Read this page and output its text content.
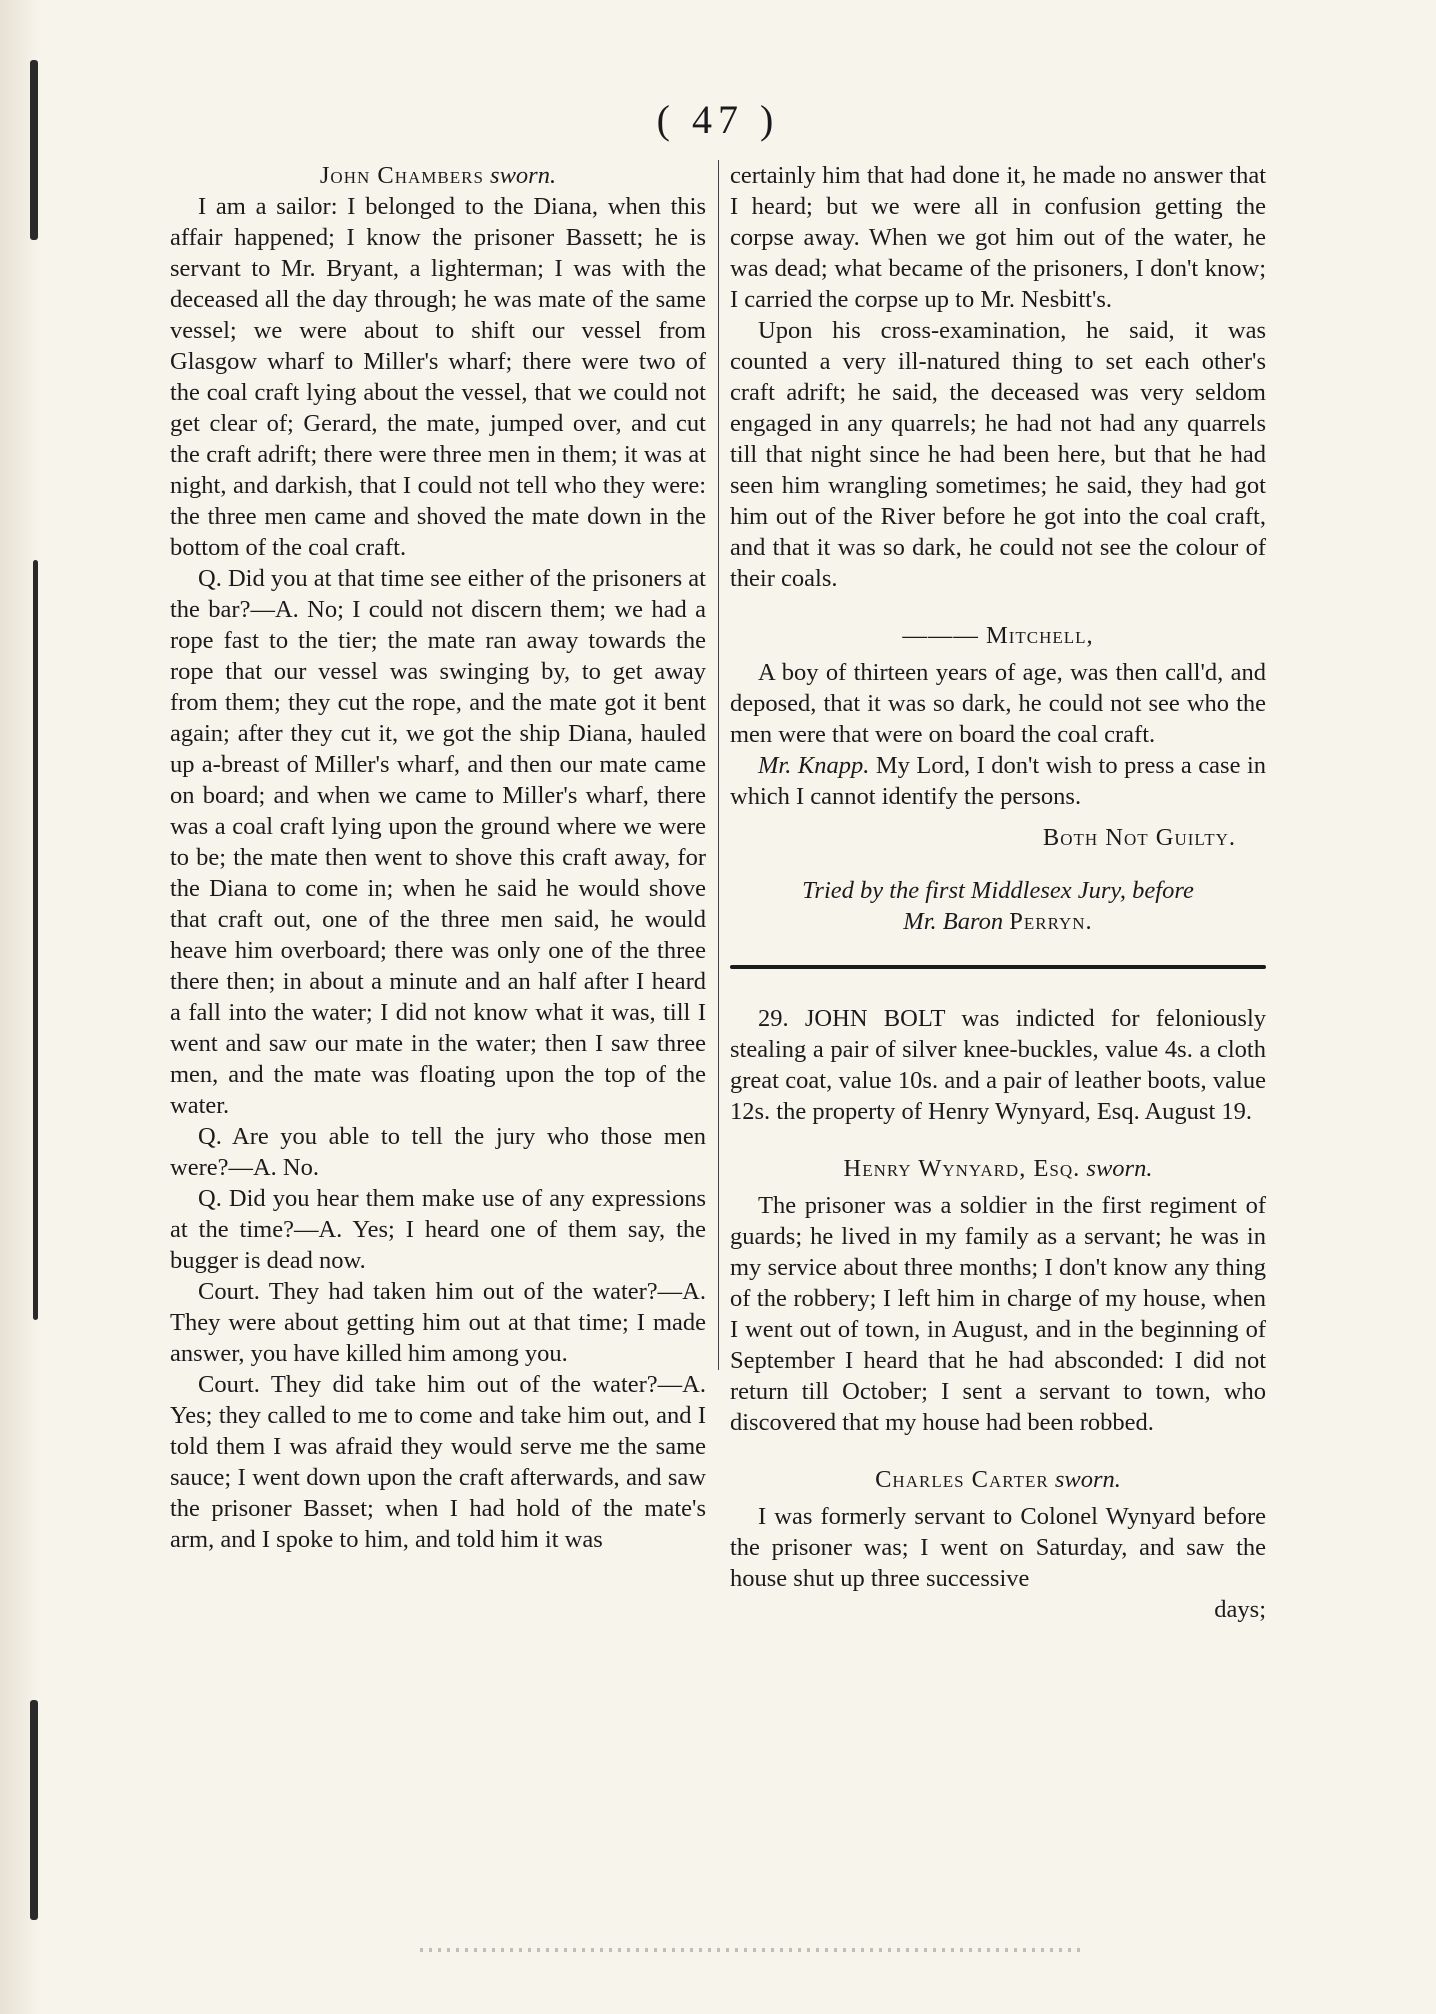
( 47 )

John Chambers sworn.

I am a sailor: I belonged to the Diana, when this affair happened; I know the prisoner Bassett; he is servant to Mr. Bryant, a lighterman; I was with the deceased all the day through; he was mate of the same vessel; we were about to shift our vessel from Glasgow wharf to Miller's wharf; there were two of the coal craft lying about the vessel, that we could not get clear of; Gerard, the mate, jumped over, and cut the craft adrift; there were three men in them; it was at night, and darkish, that I could not tell who they were: the three men came and shoved the mate down in the bottom of the coal craft.

Q. Did you at that time see either of the prisoners at the bar?—A. No; I could not discern them; we had a rope fast to the tier; the mate ran away towards the rope that our vessel was swinging by, to get away from them; they cut the rope, and the mate got it bent again; after they cut it, we got the ship Diana, hauled up a-breast of Miller's wharf, and then our mate came on board; and when we came to Miller's wharf, there was a coal craft lying upon the ground where we were to be; the mate then went to shove this craft away, for the Diana to come in; when he said he would shove that craft out, one of the three men said, he would heave him overboard; there was only one of the three there then; in about a minute and an half after I heard a fall into the water; I did not know what it was, till I went and saw our mate in the water; then I saw three men, and the mate was floating upon the top of the water.

Q. Are you able to tell the jury who those men were?—A. No.

Q. Did you hear them make use of any expressions at the time?—A. Yes; I heard one of them say, the bugger is dead now.

Court. They had taken him out of the water?—A. They were about getting him out at that time; I made answer, you have killed him among you.

Court. They did take him out of the water?—A. Yes; they called to me to come and take him out, and I told them I was afraid they would serve me the same sauce; I went down upon the craft afterwards, and saw the prisoner Basset; when I had hold of the mate's arm, and I spoke to him, and told him it was

certainly him that had done it, he made no answer that I heard; but we were all in confusion getting the corpse away. When we got him out of the water, he was dead; what became of the prisoners, I don't know; I carried the corpse up to Mr. Nesbitt's.

Upon his cross-examination, he said, it was counted a very ill-natured thing to set each other's craft adrift; he said, the deceased was very seldom engaged in any quarrels; he had not had any quarrels till that night since he had been here, but that he had seen him wrangling sometimes; he said, they had got him out of the River before he got into the coal craft, and that it was so dark, he could not see the colour of their coals.

——— Mitchell,

A boy of thirteen years of age, was then call'd, and deposed, that it was so dark, he could not see who the men were that were on board the coal craft.

Mr. Knapp. My Lord, I don't wish to press a case in which I cannot identify the persons.

Both Not Guilty.

Tried by the first Middlesex Jury, before
Mr. Baron Perryn.

29. JOHN BOLT was indicted for feloniously stealing a pair of silver knee-buckles, value 4s. a cloth great coat, value 10s. and a pair of leather boots, value 12s. the property of Henry Wynyard, Esq. August 19.

Henry Wynyard, Esq. sworn.

The prisoner was a soldier in the first regiment of guards; he lived in my family as a servant; he was in my service about three months; I don't know any thing of the robbery; I left him in charge of my house, when I went out of town, in August, and in the beginning of September I heard that he had absconded: I did not return till October; I sent a servant to town, who discovered that my house had been robbed.

Charles Carter sworn.

I was formerly servant to Colonel Wynyard before the prisoner was; I went on Saturday, and saw the house shut up three successive

days;
